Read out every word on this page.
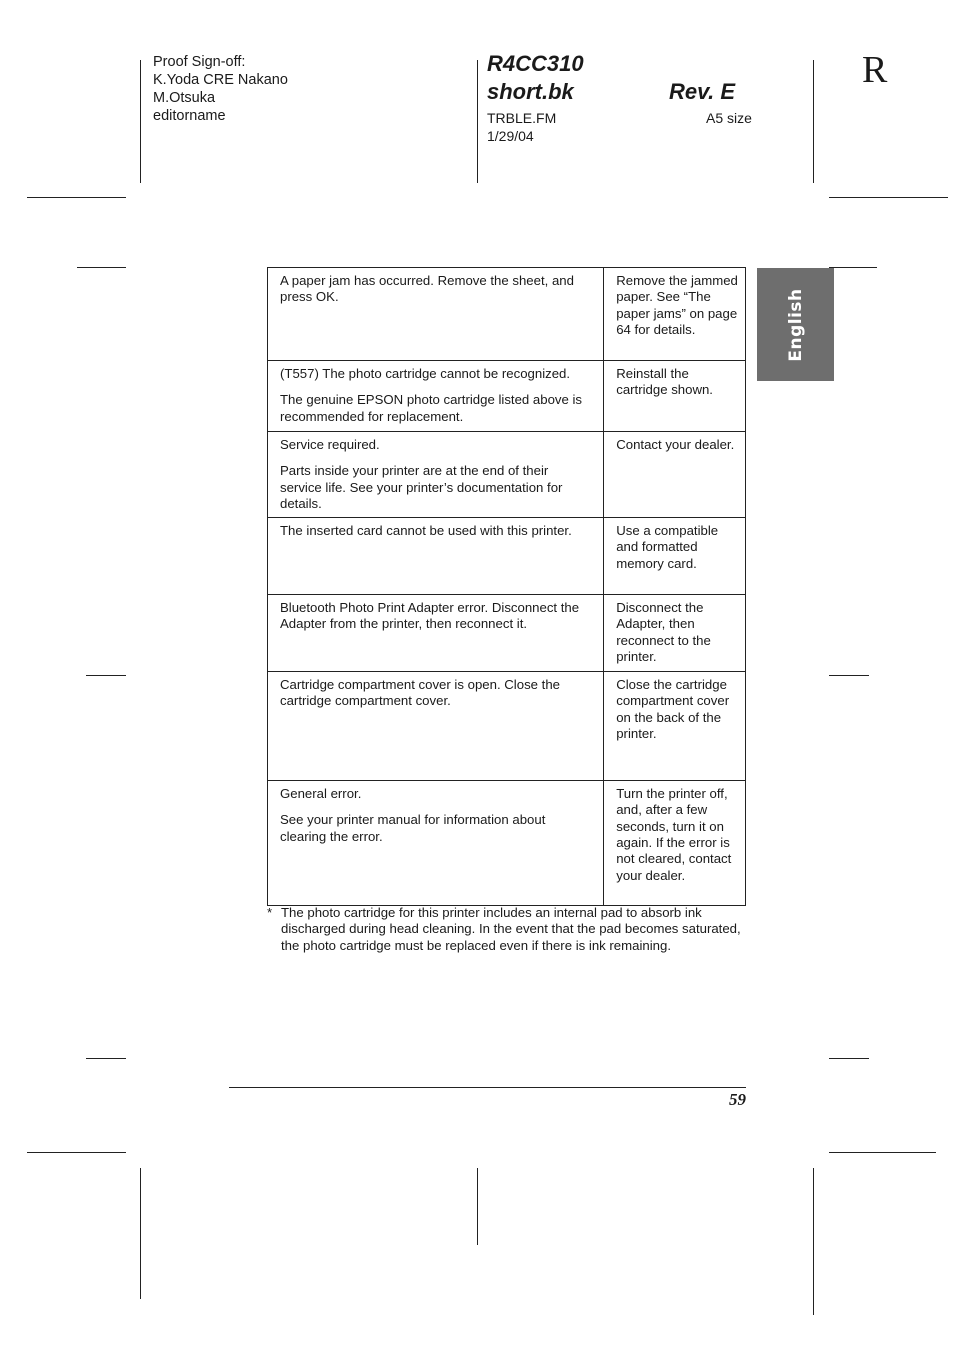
Proof Sign-off:
K.Yoda CRE Nakano
M.Otsuka
editorname
R4CC310
short.bk	Rev. E
TRBLE.FM
1/29/04
A5 size
R
English

A paper jam has occurred. Remove the sheet, and press OK.	Remove the jammed paper. See “The paper jams” on page 64 for details.

(T557) The photo cartridge cannot be recognized.

The genuine EPSON photo cartridge listed above is recommended for replacement.	Reinstall the cartridge shown.

Service required.

Parts inside your printer are at the end of their service life. See your printer’s documentation for details.	Contact your dealer.

The inserted card cannot be used with this printer.	Use a compatible and formatted memory card.

Bluetooth Photo Print Adapter error. Disconnect the Adapter from the printer, then reconnect it.	Disconnect the Adapter, then reconnect to the printer.

Cartridge compartment cover is open. Close the cartridge compartment cover.	Close the cartridge compartment cover on the back of the printer.

General error.

See your printer manual for information about clearing the error.	Turn the printer off, and, after a few seconds, turn it on again. If the error is not cleared, contact your dealer.
* The photo cartridge for this printer includes an internal pad to absorb ink discharged during head cleaning. In the event that the pad becomes saturated, the photo cartridge must be replaced even if there is ink remaining.
59
